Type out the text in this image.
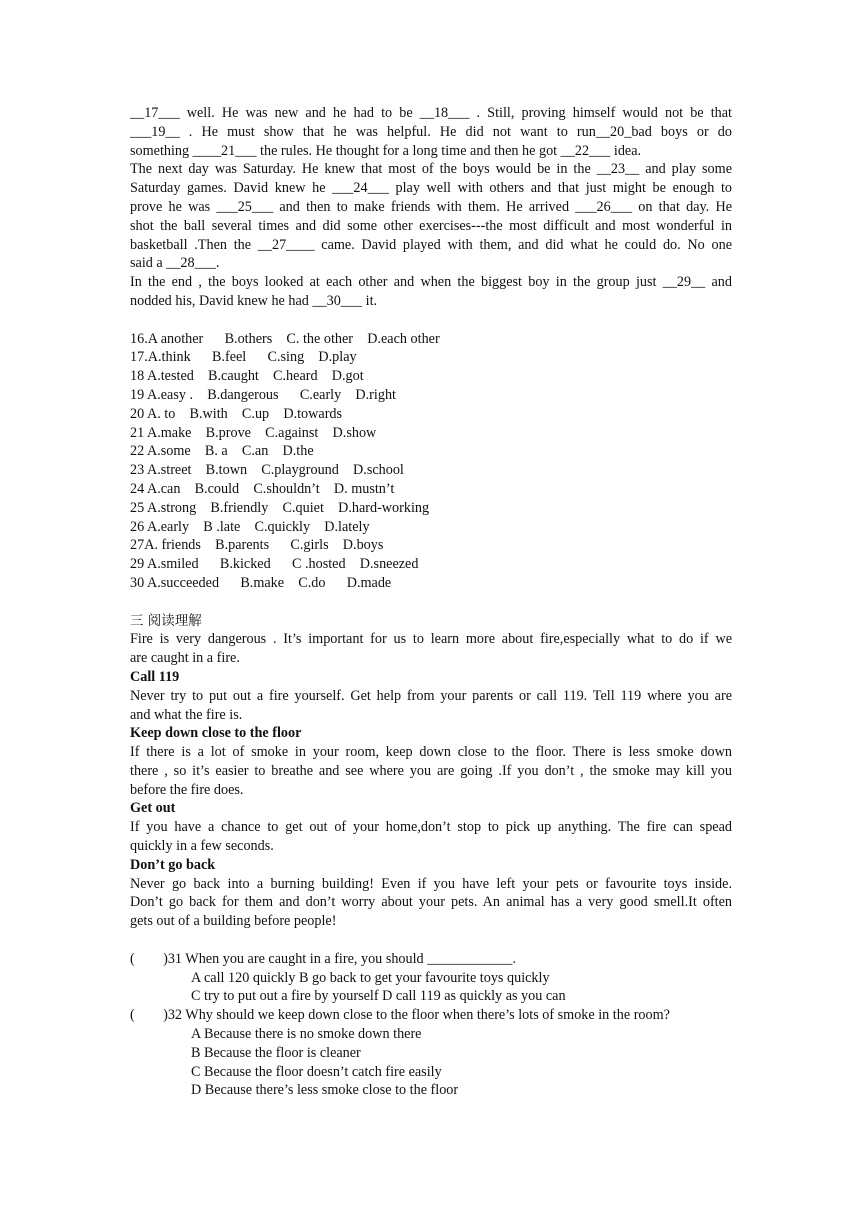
__17___ well. He was new and he had to be __18___ . Still, proving himself would not be that
___19__ . He must show that he was helpful. He did not want to run__20_bad boys or do
something ____21___ the rules. He thought for a long time and then he got __22___ idea.
The next day was Saturday. He knew that most of the boys would be in the __23__ and play some
Saturday games. David knew he ___24___ play well with others and that just might be enough to
prove he was ___25___ and then to make friends with them. He arrived ___26___ on that day. He
shot the ball several times and did some other exercises---the most difficult and most wonderful in
basketball .Then the __27____ came. David played with them, and did what he could do. No one
said a __28___.
In the end , the boys looked at each other and when the biggest boy in the group just __29__ and
nodded his, David knew he had __30___ it.
16.A another      B.others    C. the other    D.each other
17.A.think      B.feel      C.sing    D.play
18 A.tested    B.caught    C.heard    D.got
19 A.easy .    B.dangerous      C.early    D.right
20 A. to    B.with    C.up    D.towards
21 A.make    B.prove    C.against    D.show
22 A.some    B. a    C.an    D.the
23 A.street    B.town    C.playground    D.school
24 A.can    B.could    C.shouldn’t    D. mustn’t
25 A.strong    B.friendly    C.quiet    D.hard-working
26 A.early    B .late    C.quickly    D.lately
27A. friends    B.parents      C.girls    D.boys
29 A.smiled      B.kicked      C .hosted    D.sneezed
30 A.succeeded      B.make    C.do      D.made
三 阅读理解
Fire is very dangerous . It’s important for us to learn more about fire,especially what to do if we
are caught in a fire.
Call 119
Never try to put out a fire yourself. Get help from your parents or call 119. Tell 119 where you are
and what the fire is.
Keep down close to the floor
If there is a lot of smoke in your room, keep down close to the floor. There is less smoke down
there , so it’s easier to breathe and see where you are going .If you don’t , the smoke may kill you
before the fire does.
Get out
If you have a chance to get out of your home,don’t stop to pick up anything. The fire can spead
quickly in a few seconds.
Don’t go back
Never go back into a burning building! Even if you have left your pets or favourite toys inside.
Don’t go back for them and don’t worry about your pets. An animal has a very good smell.It often
gets out of a building before people!
(        )31 When you are caught in a fire, you should ____________.
A call 120 quickly B go back to get your favourite toys quickly
C try to put out a fire by yourself D call 119 as quickly as you can
(        )32 Why should we keep down close to the floor when there’s lots of smoke in the room?
A Because there is no smoke down there
B Because the floor is cleaner
C Because the floor doesn’t catch fire easily
D Because there’s less smoke close to the floor
